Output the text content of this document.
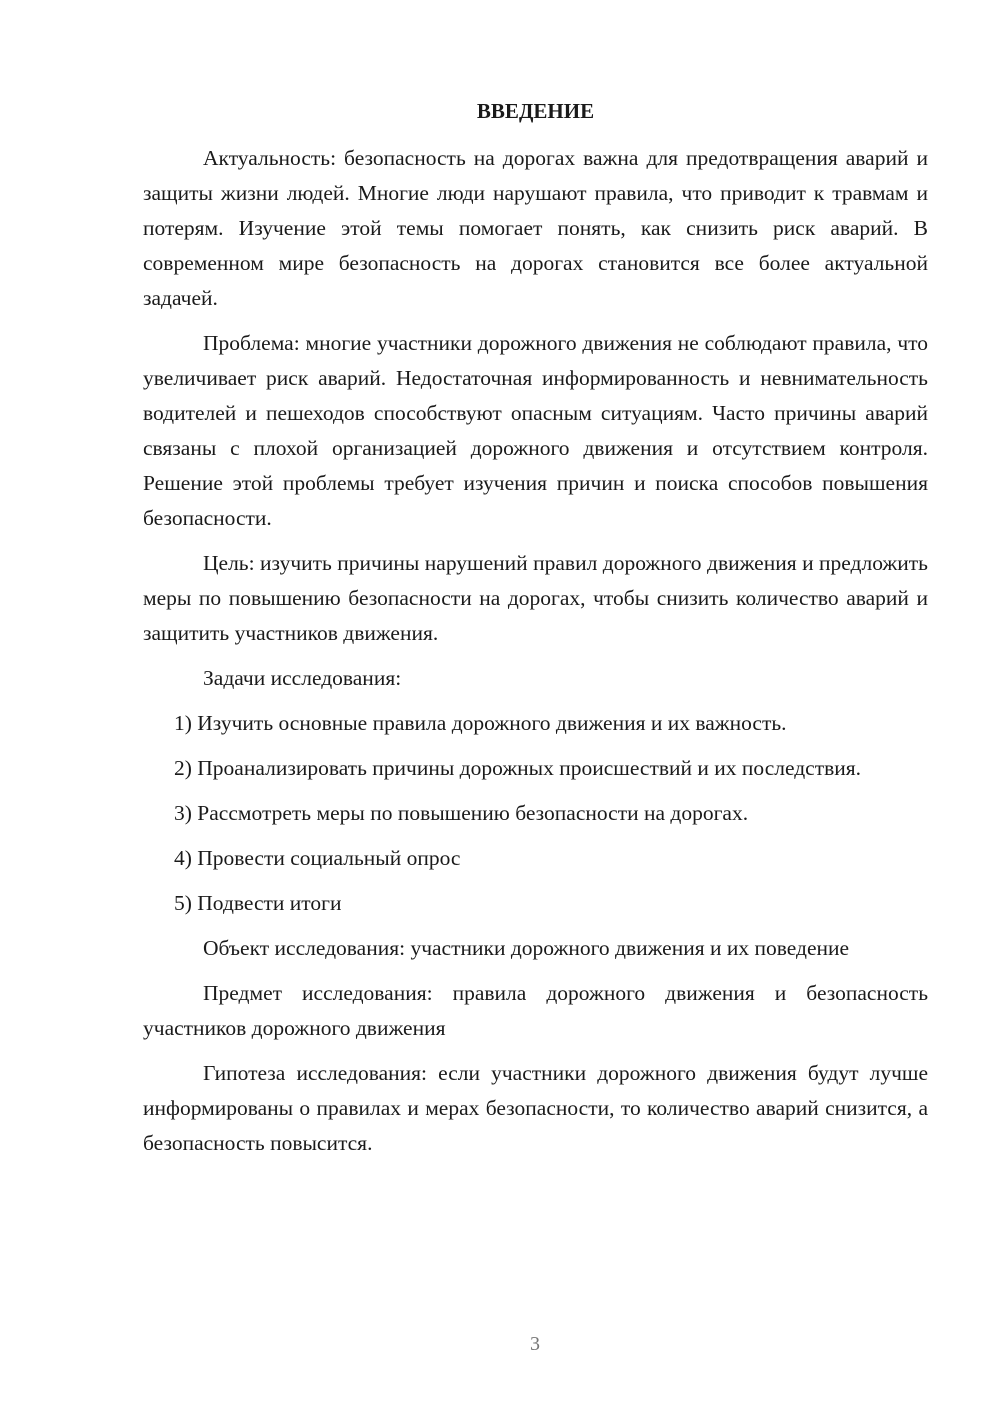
ВВЕДЕНИЕ

Актуальность: безопасность на дорогах важна для предотвращения аварий и защиты жизни людей. Многие люди нарушают правила, что приводит к травмам и потерям. Изучение этой темы помогает понять, как снизить риск аварий. В современном мире безопасность на дорогах становится все более актуальной задачей.

Проблема: многие участники дорожного движения не соблюдают правила, что увеличивает риск аварий. Недостаточная информированность и невнимательность водителей и пешеходов способствуют опасным ситуациям. Часто причины аварий связаны с плохой организацией дорожного движения и отсутствием контроля. Решение этой проблемы требует изучения причин и поиска способов повышения безопасности.

Цель: изучить причины нарушений правил дорожного движения и предложить меры по повышению безопасности на дорогах, чтобы снизить количество аварий и защитить участников движения.

Задачи исследования:

1) Изучить основные правила дорожного движения и их важность.

2) Проанализировать причины дорожных происшествий и их последствия.

3) Рассмотреть меры по повышению безопасности на дорогах.

4) Провести социальный опрос

5) Подвести итоги

Объект исследования: участники дорожного движения и их поведение

Предмет исследования: правила дорожного движения и безопасность участников дорожного движения

Гипотеза исследования: если участники дорожного движения будут лучше информированы о правилах и мерах безопасности, то количество аварий снизится, а безопасность повысится.

3
